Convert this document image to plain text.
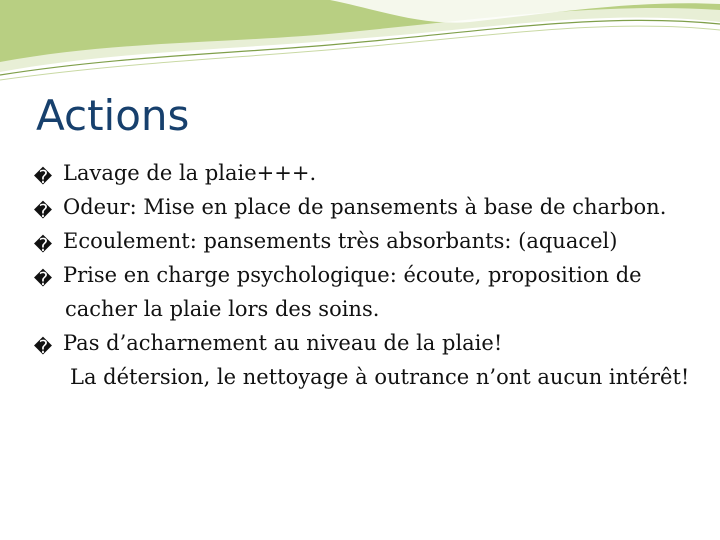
Actions
� Lavage de la plaie+++.
� Odeur: Mise en place de pansements à base de charbon.
� Ecoulement: pansements très absorbants: (aquacel)
� Prise en charge psychologique: écoute, proposition de cacher la plaie lors des soins.
� Pas d’acharnement au niveau de la plaie!
La détersion, le nettoyage à outrance n’ont aucun intérêt!
